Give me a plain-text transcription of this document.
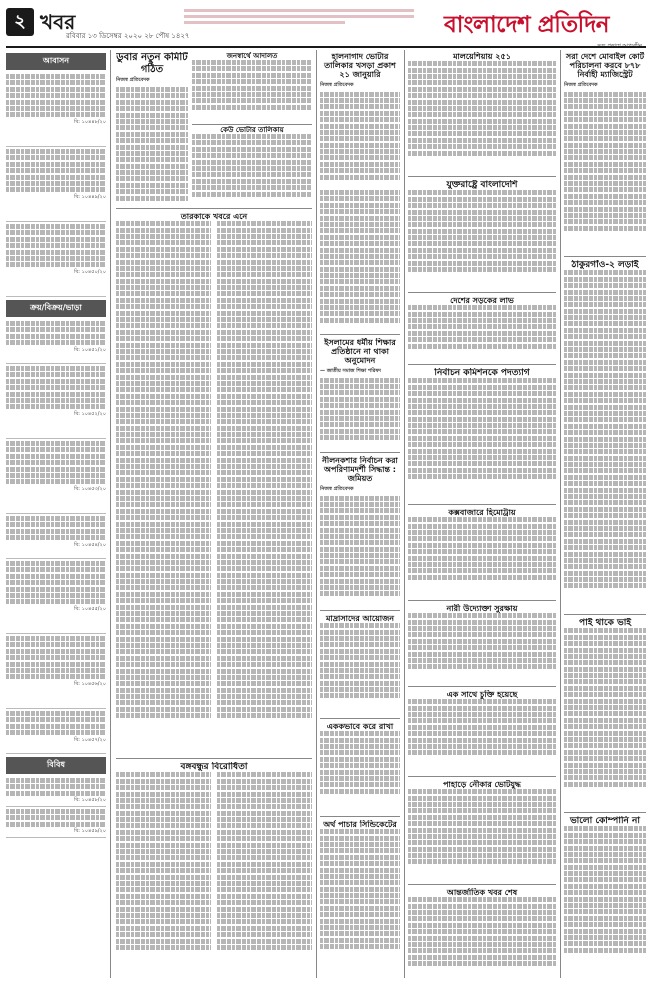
২ খবর
রবিবার ১৩ ডিসেম্বর ২০২০ ২৮ পৌষ ১৪২৭	বাংলাদেশ প্রতিদিন
সত্য প্রকাশে আপসহীন
আবাসন
বি: ১০৪৪৮/২০
বি: ১০৪৪৯/২০
বি: ১০৪৫০/২০
ক্রয়/বিক্রয়/ভাড়া
বি: ১০৪৫১/২০
বি: ১০৪৫২/২০
বি: ১০৪৫৩/২০
বি: ১০৪৫৪/২০
বি: ১০৪৫৫/২০
বি: ১০৪৫৬/২০
বি: ১০৪৫৭/২০
বিবিধ
বি: ১০৪৫৮/২০
বি: ১০৪৫৯/২০
ডুবার নতুন কমিটি গঠিত
নিজস্ব প্রতিবেদক
জনস্বার্থে আদালত
কেউ ভোটার তালিকায়
তারকাকে খবরে এনে
বঙ্গবন্ধুর বিরোধিতা
হালনাগাদ ভোটার তালিকার খসড়া প্রকাশ ২১ জানুয়ারি
নিজস্ব প্রতিবেদক
ইসলামের ধর্মীয় শিক্ষার প্রতিষ্ঠানে না থাকা অনুমোদন
— জাতীয় সমাজ শিক্ষা পরিষদ
নীলনকশার নির্বাচন করা অপরিণামদর্শী সিদ্ধান্ত : জমিয়ত
নিজস্ব প্রতিবেদক
মাদ্রাসাদের আয়োজন
এককভাবে করে রাখা
অর্থ পাচার সিন্ডিকেটের
মালয়েশিয়ায় ২৫১
যুক্তরাষ্ট্রে বাংলাদেশি
দেশের সড়কের লাভ
নির্বাচন কমিশনকে পদত্যাগ
কক্সবাজারে হিমোট্রায়
নারী উদ্যোক্তা সুরক্ষায়
এক সাথে চুক্তি হয়েছে
পাহাড়ে নৌকার ভোটযুদ্ধ
আন্তর্জাতিক খবর শেষ
সরা দেশে মোবাইল কোর্ট পরিচালনা করবে ৮৭৮ নির্বাহী ম্যাজিস্ট্রেট
নিজস্ব প্রতিবেদক
ঠাকুরগাঁও-২ লড়াই
পাই থাকে ভাই
ভালো কোম্পানি না
